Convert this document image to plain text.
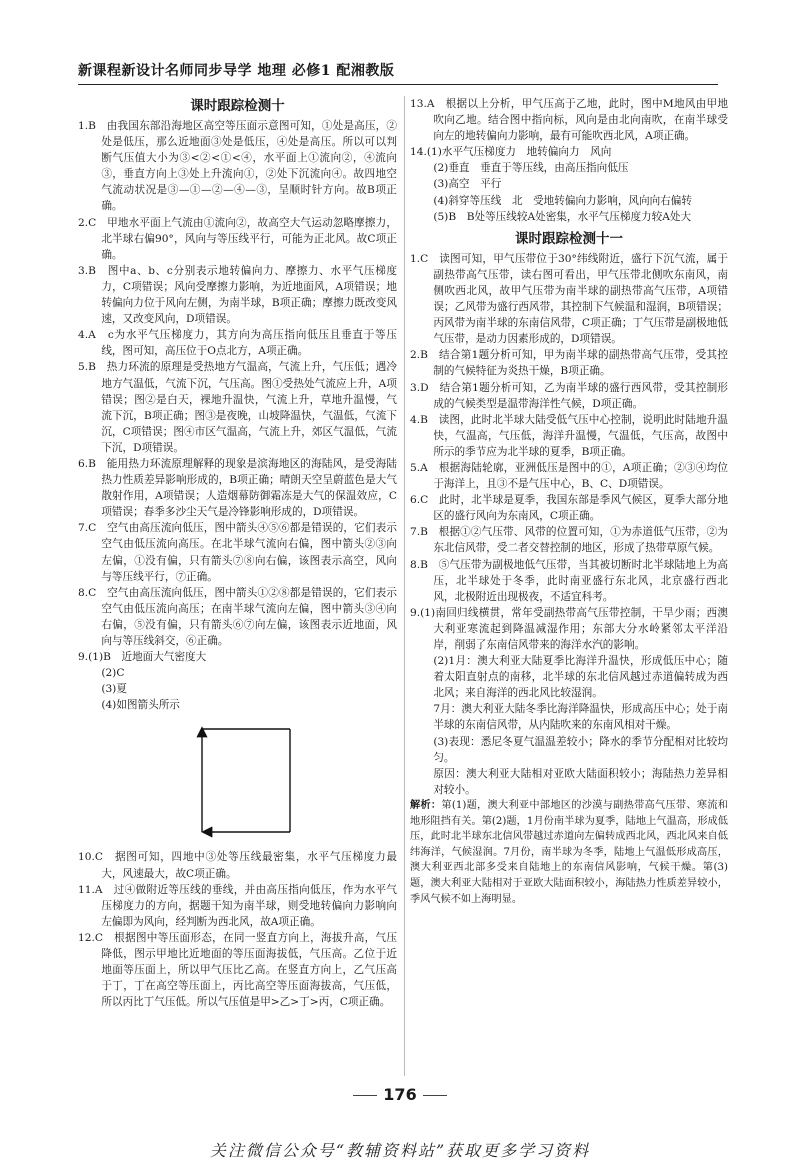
新课程新设计名师同步导学 地理 必修1 配湘教版
课时跟踪检测十

1.B　由我国东部沿海地区高空等压面示意图可知，①处是高压，②处是低压，那么近地面③处是低压，④处是高压。所以可以判断气压值大小为③<②<①<④，水平面上①流向②，④流向③，垂直方向上③处上升流向①，②处下沉流向④。故四地空气流动状况是③—①—②—④—③，呈顺时针方向。故B项正确。

2.C　甲地水平面上气流由①流向②，故高空大气运动忽略摩擦力，北半球右偏90°，风向与等压线平行，可能为正北风。故C项正确。

3.B　图中a、b、c分别表示地转偏向力、摩擦力、水平气压梯度力，C项错误；风向受摩擦力影响，为近地面风，A项错误；地转偏向力位于风向左侧，为南半球，B项正确；摩擦力既改变风速，又改变风向，D项错误。

4.A　c为水平气压梯度力，其方向为高压指向低压且垂直于等压线，图可知，高压位于O点北方，A项正确。

5.B　热力环流的原理是受热地方气温高，气流上升，气压低；遇冷地方气温低，气流下沉，气压高。图①受热处气流应上升，A项错误；图②是白天，裸地升温快，气流上升，草地升温慢，气流下沉，B项正确；图③是夜晚，山坡降温快，气温低，气流下沉，C项错误；图④市区气温高，气流上升，郊区气温低，气流下沉，D项错误。

6.B　能用热力环流原理解释的现象是滨海地区的海陆风，是受海陆热力性质差异影响形成的，B项正确；晴朗天空呈蔚蓝色是大气散射作用，A项错误；人造烟幕防御霜冻是大气的保温效应，C项错误；春季多沙尘天气是冷锋影响形成的，D项错误。

7.C　空气由高压流向低压，图中箭头④⑤⑥都是错误的，它们表示空气由低压流向高压。在北半球气流向右偏，图中箭头②③向左偏，①没有偏，只有箭头⑦⑧向右偏，该图表示高空，风向与等压线平行，⑦正确。

8.C　空气由高压流向低压，图中箭头①②⑧都是错误的，它们表示空气由低压流向高压；在南半球气流向左偏，图中箭头③④向右偏，⑤没有偏，只有箭头⑥⑦向左偏，该图表示近地面，风向与等压线斜交，⑥正确。

9.(1)B　近地面大气密度大

(2)C

(3)夏

(4)如图箭头所示

10.C　据图可知，四地中③处等压线最密集，水平气压梯度力最大，风速最大，故C项正确。

11.A　过④做附近等压线的垂线，并由高压指向低压，作为水平气压梯度力的方向，据题干知为南半球，则受地转偏向力影响向左偏即为风向，经判断为西北风，故A项正确。

12.C　根据图中等压面形态，在同一竖直方向上，海拔升高，气压降低，图示甲地比近地面的等压面海拔低，气压高。乙位于近地面等压面上，所以甲气压比乙高。在竖直方向上，乙气压高于丁，丁在高空等压面上，丙比高空等压面海拔高，气压低，所以丙比丁气压低。所以气压值是甲>乙>丁>丙，C项正确。

13.A　根据以上分析，甲气压高于乙地，此时，图中M地风由甲地吹向乙地。结合图中指向标，风向是由北向南吹，在南半球受向左的地转偏向力影响，最有可能吹西北风，A项正确。

14.(1)水平气压梯度力　地转偏向力　风向

(2)垂直　垂直于等压线，由高压指向低压

(3)高空　平行

(4)斜穿等压线　北　受地转偏向力影响，风向向右偏转

(5)B　B处等压线较A处密集，水平气压梯度力较A处大

课时跟踪检测十一

1.C　读图可知，甲气压带位于30°纬线附近，盛行下沉气流，属于副热带高气压带，读右图可看出，甲气压带北侧吹东南风，南侧吹西北风，故甲气压带为南半球的副热带高气压带，A项错误；乙风带为盛行西风带，其控制下气候温和湿润，B项错误；丙风带为南半球的东南信风带，C项正确；丁气压带是副极地低气压带，是动力因素形成的，D项错误。

2.B　结合第1题分析可知，甲为南半球的副热带高气压带，受其控制的气候特征为炎热干燥，B项正确。

3.D　结合第1题分析可知，乙为南半球的盛行西风带，受其控制形成的气候类型是温带海洋性气候，D项正确。

4.B　读图，此时北半球大陆受低气压中心控制，说明此时陆地升温快，气温高，气压低，海洋升温慢，气温低，气压高，故图中所示的季节应为北半球的夏季，B项正确。

5.A　根据海陆轮廓，亚洲低压是图中的①，A项正确；②③④均位于海洋上，且③不是气压中心，B、C、D项错误。

6.C　此时，北半球是夏季，我国东部是季风气候区，夏季大部分地区的盛行风向为东南风，C项正确。

7.B　根据①②气压带、风带的位置可知，①为赤道低气压带，②为东北信风带，受二者交替控制的地区，形成了热带草原气候。

8.B　⑤气压带为副极地低气压带，当其被切断时北半球陆地上为高压，北半球处于冬季，此时南亚盛行东北风，北京盛行西北风，北极附近出现极夜，不适宜科考。

9.(1)南回归线横贯，常年受副热带高气压带控制，干旱少雨；西澳大利亚寒流起到降温减湿作用；东部大分水岭紧邻太平洋沿岸，削弱了东南信风带来的海洋水汽的影响。

(2)1月：澳大利亚大陆夏季比海洋升温快，形成低压中心；随着太阳直射点的南移，北半球的东北信风越过赤道偏转成为西北风；来自海洋的西北风比较湿润。

7月：澳大利亚大陆冬季比海洋降温快，形成高压中心；处于南半球的东南信风带，从内陆吹来的东南风相对干燥。

(3)表现：悉尼冬夏气温温差较小；降水的季节分配相对比较均匀。

原因：澳大利亚大陆相对亚欧大陆面积较小；海陆热力差异相对较小。

解析：第(1)题，澳大利亚中部地区的沙漠与副热带高气压带、寒流和地形阻挡有关。第(2)题，1月份南半球为夏季，陆地上气温高，形成低压，此时北半球东北信风带越过赤道向左偏转成西北风，西北风来自低纬海洋，气候湿润。7月份，南半球为冬季，陆地上气温低形成高压，澳大利亚西北部多受来自陆地上的东南信风影响，气候干燥。第(3)题，澳大利亚大陆相对于亚欧大陆面积较小，海陆热力性质差异较小，季风气候不如上海明显。

176
关注微信公众号“教辅资料站”获取更多学习资料
